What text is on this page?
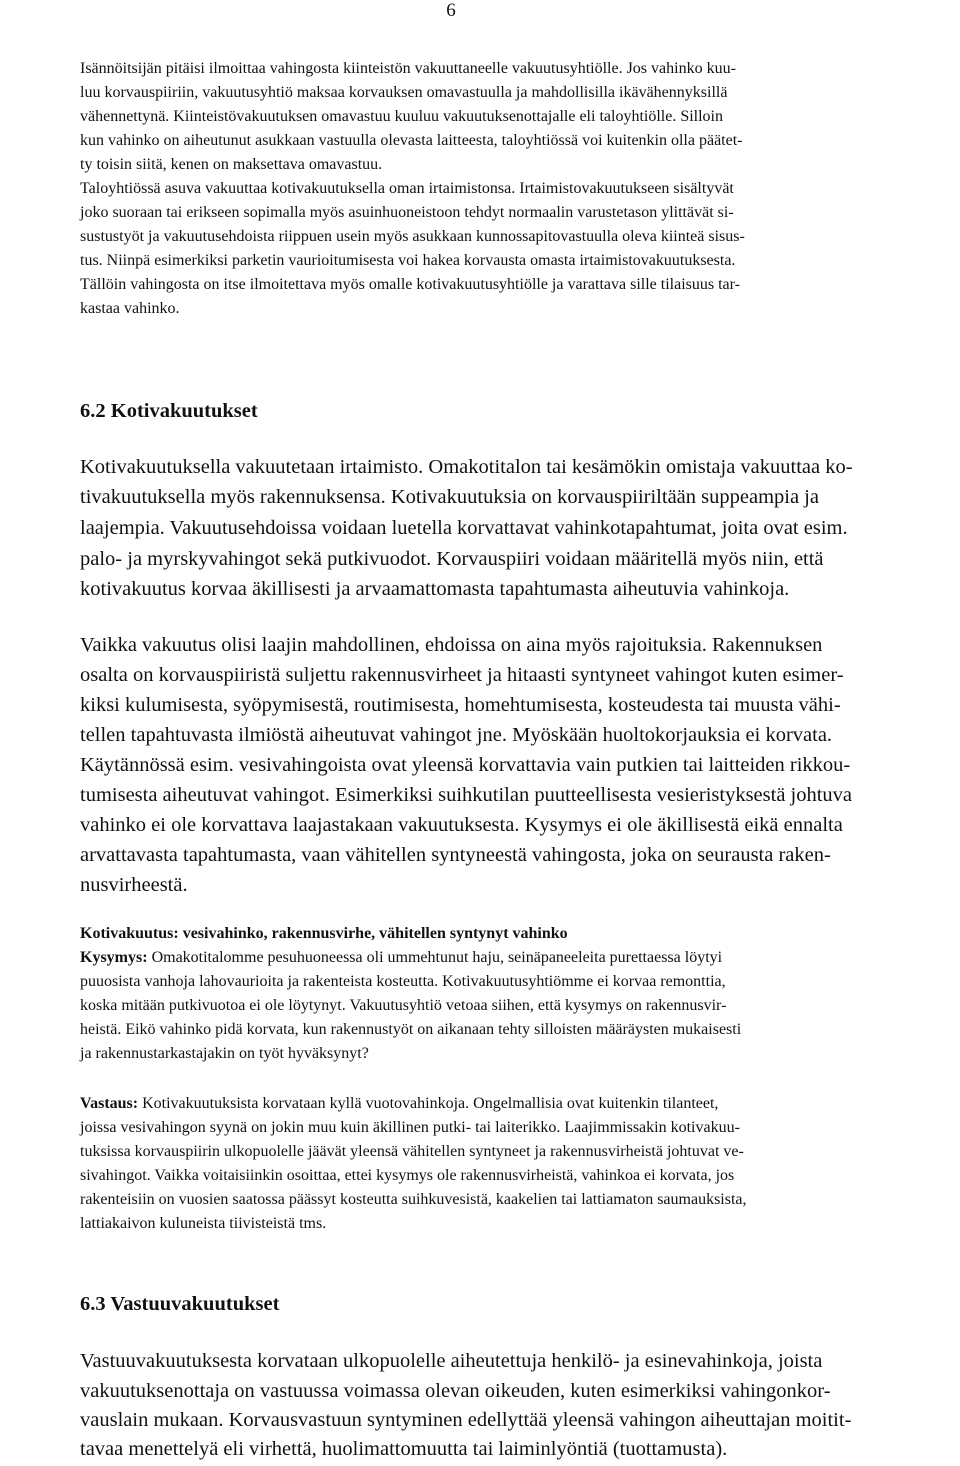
6
Isännöitsijän pitäisi ilmoittaa vahingosta kiinteistön vakuuttaneelle vakuutusyhtiölle. Jos vahinko kuu-
luu korvauspiiriin, vakuutusyhtiö maksaa korvauksen omavastuulla ja mahdollisilla ikävähennyksillä
vähennettynä. Kiinteistövakuutuksen omavastuu kuuluu vakuutuksenottajalle eli taloyhtiölle. Silloin
kun vahinko on aiheutunut asukkaan vastuulla olevasta laitteesta, taloyhtiössä voi kuitenkin olla päätet-
ty toisin siitä, kenen on maksettava omavastuu.
Taloyhtiössä asuva vakuuttaa kotivakuutuksella oman irtaimistonsa. Irtaimistovakuutukseen sisältyvät
joko suoraan tai erikseen sopimalla myös asuinhuoneistoon tehdyt normaalin varustetason ylittävät si-
sustustyöt ja vakuutusehdoista riippuen usein myös asukkaan kunnossapitovastuulla oleva kiinteä sisus-
tus. Niinpä esimerkiksi parketin vaurioitumisesta voi hakea korvausta omasta irtaimistovakuutuksesta.
Tällöin vahingosta on itse ilmoitettava myös omalle kotivakuutusyhtiölle ja varattava sille tilaisuus tar-
kastaa vahinko.
6.2 Kotivakuutukset
Kotivakuutuksella vakuutetaan irtaimisto. Omakotitalon tai kesämökin omistaja vakuuttaa ko-
tivakuutuksella myös rakennuksensa. Kotivakuutuksia on korvauspiiriltään suppeampia ja
laajempia. Vakuutusehdoissa voidaan luetella korvattavat vahinkotapahtumat, joita ovat esim.
palo- ja myrskyvahingot sekä putkivuodot. Korvauspiiri voidaan määritellä myös niin, että
kotivakuutus korvaa äkillisesti ja arvaamattomasta tapahtumasta aiheutuvia vahinkoja.
Vaikka vakuutus olisi laajin mahdollinen, ehdoissa on aina myös rajoituksia. Rakennuksen
osalta on korvauspiiristä suljettu rakennusvirheet ja hitaasti syntyneet vahingot kuten esimer-
kiksi kulumisesta, syöpymisestä, routimisesta, homehtumisesta, kosteudesta tai muusta vähi-
tellen tapahtuvasta ilmiöstä aiheutuvat vahingot jne. Myöskään huoltokorjauksia ei korvata.
Käytännössä esim. vesivahingoista ovat yleensä korvattavia vain putkien tai laitteiden rikkou-
tumisesta aiheutuvat vahingot. Esimerkiksi suihkutilan puutteellisesta vesieristyksestä johtuva
vahinko ei ole korvattava laajastakaan vakuutuksesta. Kysymys ei ole äkillisestä eikä ennalta
arvattavasta tapahtumasta, vaan vähitellen syntyneestä vahingosta, joka on seurausta raken-
nusvirheestä.
Kotivakuutus: vesivahinko, rakennusvirhe, vähitellen syntynyt vahinko
Kysymys: Omakotitalomme pesuhuoneessa oli ummehtunut haju, seinäpaneeleita purettaessa löytyi
puuosista vanhoja lahovaurioita ja rakenteista kosteutta. Kotivakuutusyhtiömme ei korvaa remonttia,
koska mitään putkivuotoa ei ole löytynyt. Vakuutusyhtiö vetoaa siihen, että kysymys on rakennusvir-
heistä. Eikö vahinko pidä korvata, kun rakennustyöt on aikanaan tehty silloisten määräysten mukaisesti
ja rakennustarkastajakin on työt hyväksynyt?
Vastaus: Kotivakuutuksista korvataan kyllä vuotovahinkoja. Ongelmallisia ovat kuitenkin tilanteet,
joissa vesivahingon syynä on jokin muu kuin äkillinen putki- tai laiterikko. Laajimmissakin kotivakuu-
tuksissa korvauspiirin ulkopuolelle jäävät yleensä vähitellen syntyneet ja rakennusvirheistä johtuvat ve-
sivahingot. Vaikka voitaisiinkin osoittaa, ettei kysymys ole rakennusvirheistä, vahinkoa ei korvata, jos
rakenteisiin on vuosien saatossa päässyt kosteutta suihkuvesistä, kaakelien tai lattiamaton saumauksista,
lattiakaivon kuluneista tiivisteistä tms.
6.3 Vastuuvakuutukset
Vastuuvakuutuksesta korvataan ulkopuolelle aiheutettuja henkilö- ja esinevahinkoja, joista
vakuutuksenottaja on vastuussa voimassa olevan oikeuden, kuten esimerkiksi vahingonkor-
vauslain mukaan. Korvausvastuun syntyminen edellyttää yleensä vahingon aiheuttajan moitit-
tavaa menettelyä eli virhettä, huolimattomuutta tai laiminlyöntiä (tuottamusta).
